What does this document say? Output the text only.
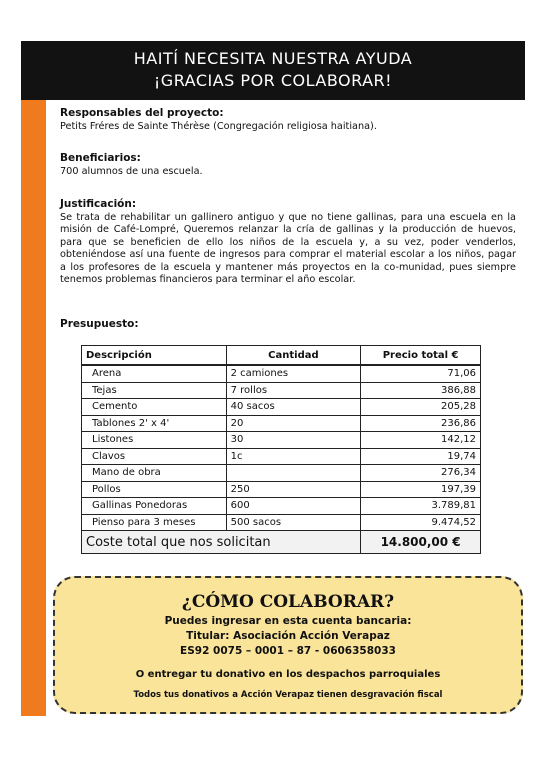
HAITÍ NECESITA NUESTRA AYUDA
¡GRACIAS POR COLABORAR!

Responsables del proyecto:

Petits Fréres de Sainte Thérèse (Congregación religiosa haitiana).

Beneficiarios:

700 alumnos de una escuela.

Justificación:

Se trata de rehabilitar un gallinero antiguo y que no tiene gallinas, para una escuela en la misión de Café-Lompré, Queremos relanzar la cría de gallinas y la producción de huevos, para que se beneficien de ello los niños de la escuela y, a su vez, poder venderlos, obteniéndose así una fuente de ingresos para comprar el material escolar a los niños, pagar a los profesores de la escuela y mantener más proyectos en la co-munidad, pues siempre tenemos problemas financieros para terminar el año escolar.

Presupuesto:

Descripción	Cantidad	Precio total €
Arena	2 camiones	71,06
Tejas	7 rollos	386,88
Cemento	40 sacos	205,28
Tablones 2' x 4'	20	236,86
Listones	30	142,12
Clavos	1c	19,74
Mano de obra		276,34
Pollos	250	197,39
Gallinas Ponedoras	600	3.789,81
Pienso para 3 meses	500 sacos	9.474,52
Coste total que nos solicitan		14.800,00 €
¿CÓMO COLABORAR?
Puedes ingresar en esta cuenta bancaria:
Titular: Asociación Acción Verapaz
ES92 0075 – 0001 – 87 - 0606358033
O entregar tu donativo en los despachos parroquiales
Todos tus donativos a Acción Verapaz tienen desgravación fiscal
